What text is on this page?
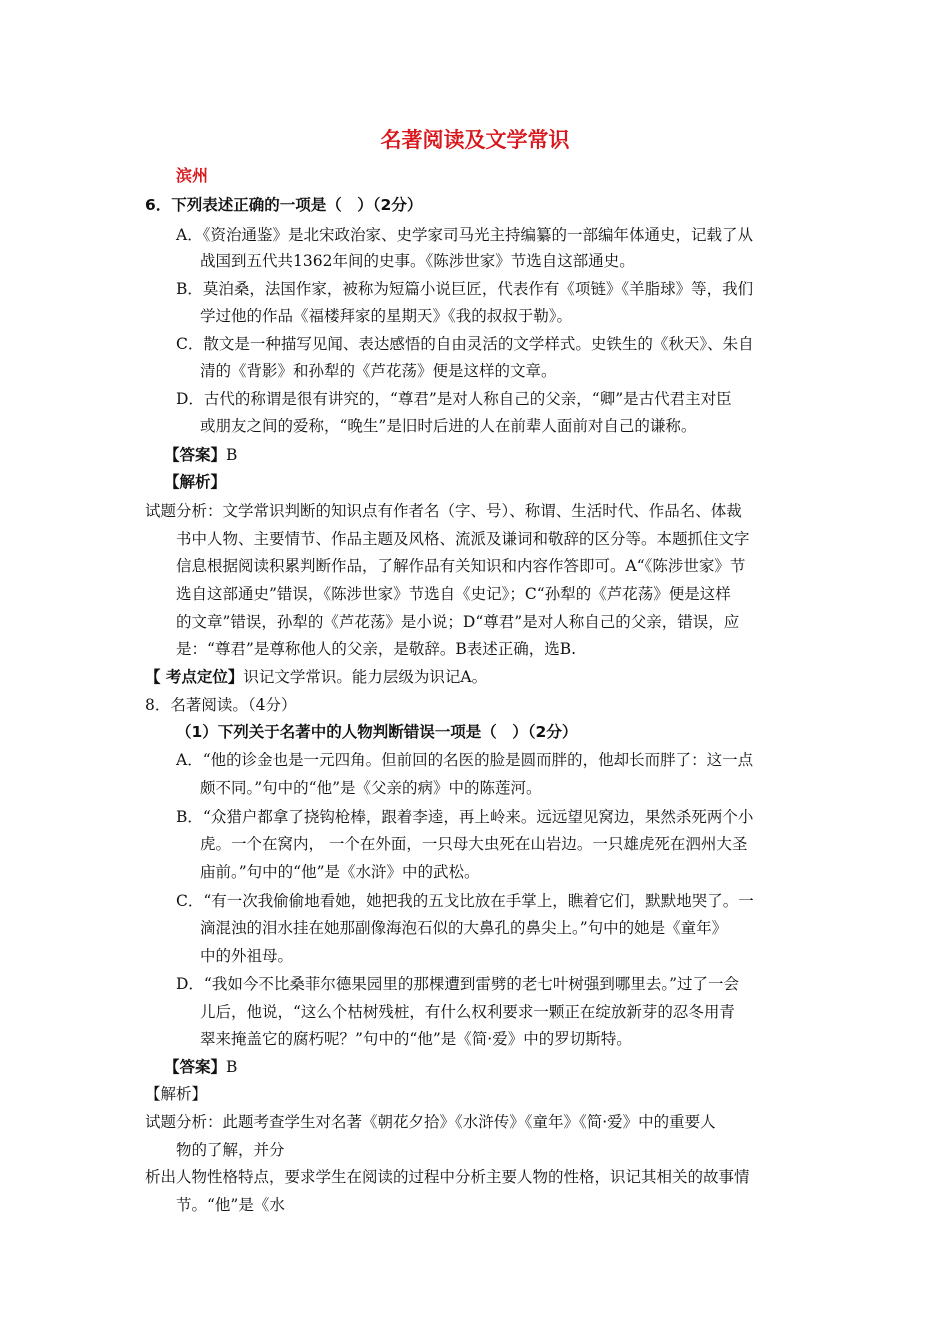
名著阅读及文学常识
滨州
6．下列表述正确的一项是（　）（2分）
A．《资治通鉴》是北宋政治家、史学家司马光主持编纂的一部编年体通史，记载了从
战国到五代共1362年间的史事。《陈涉世家》节选自这部通史。
B．莫泊桑，法国作家，被称为短篇小说巨匠，代表作有《项链》《羊脂球》等，我们
学过他的作品《福楼拜家的星期天》《我的叔叔于勒》。
C．散文是一种描写见闻、表达感悟的自由灵活的文学样式。史铁生的《秋天》、朱自
清的《背影》和孙犁的《芦花荡》便是这样的文章。
D．古代的称谓是很有讲究的，“尊君”是对人称自己的父亲，“卿”是古代君主对臣
或朋友之间的爱称，“晚生”是旧时后进的人在前辈人面前对自己的谦称。
【答案】B
【解析】
试题分析：文学常识判断的知识点有作者名（字、号）、称谓、生活时代、作品名、体裁
书中人物、主要情节、作品主题及风格、流派及谦词和敬辞的区分等。本题抓住文字
信息根据阅读积累判断作品，了解作品有关知识和内容作答即可。A“《陈涉世家》节
选自这部通史”错误，《陈涉世家》节选自《史记》；C“孙犁的《芦花荡》便是这样
的文章”错误，孙犁的《芦花荡》是小说；D“尊君”是对人称自己的父亲，错误，应
是：“尊君”是尊称他人的父亲，是敬辞。B表述正确，选B.
【 考点定位】识记文学常识。能力层级为识记A。
8．名著阅读。（4分）
（1）下列关于名著中的人物判断错误一项是（　）（2分）
A．“他的诊金也是一元四角。但前回的名医的脸是圆而胖的，他却长而胖了：这一点
颇不同。”句中的“他”是《父亲的病》中的陈莲河。
B．“众猎户都拿了挠钩枪棒，跟着李逵，再上岭来。远远望见窝边，果然杀死两个小
虎。一个在窝内， 一个在外面，一只母大虫死在山岩边。一只雄虎死在泗州大圣
庙前。”句中的“他”是《水浒》中的武松。
C．“有一次我偷偷地看她，她把我的五戈比放在手掌上，瞧着它们，默默地哭了。一
滴混浊的泪水挂在她那副像海泡石似的大鼻孔的鼻尖上。”句中的她是《童年》
中的外祖母。
D．“我如今不比桑菲尔德果园里的那棵遭到雷劈的老七叶树强到哪里去。”过了一会
儿后，他说，“这么个枯树残桩，有什么权利要求一颗正在绽放新芽的忍冬用青
翠来掩盖它的腐朽呢？”句中的“他”是《简·爱》中的罗切斯特。
【答案】B
【解析】
试题分析：此题考查学生对名著《朝花夕拾》《水浒传》《童年》《简·爱》中的重要人
物的了解，并分
析出人物性格特点，要求学生在阅读的过程中分析主要人物的性格，识记其相关的故事情
节。“他”是《水
